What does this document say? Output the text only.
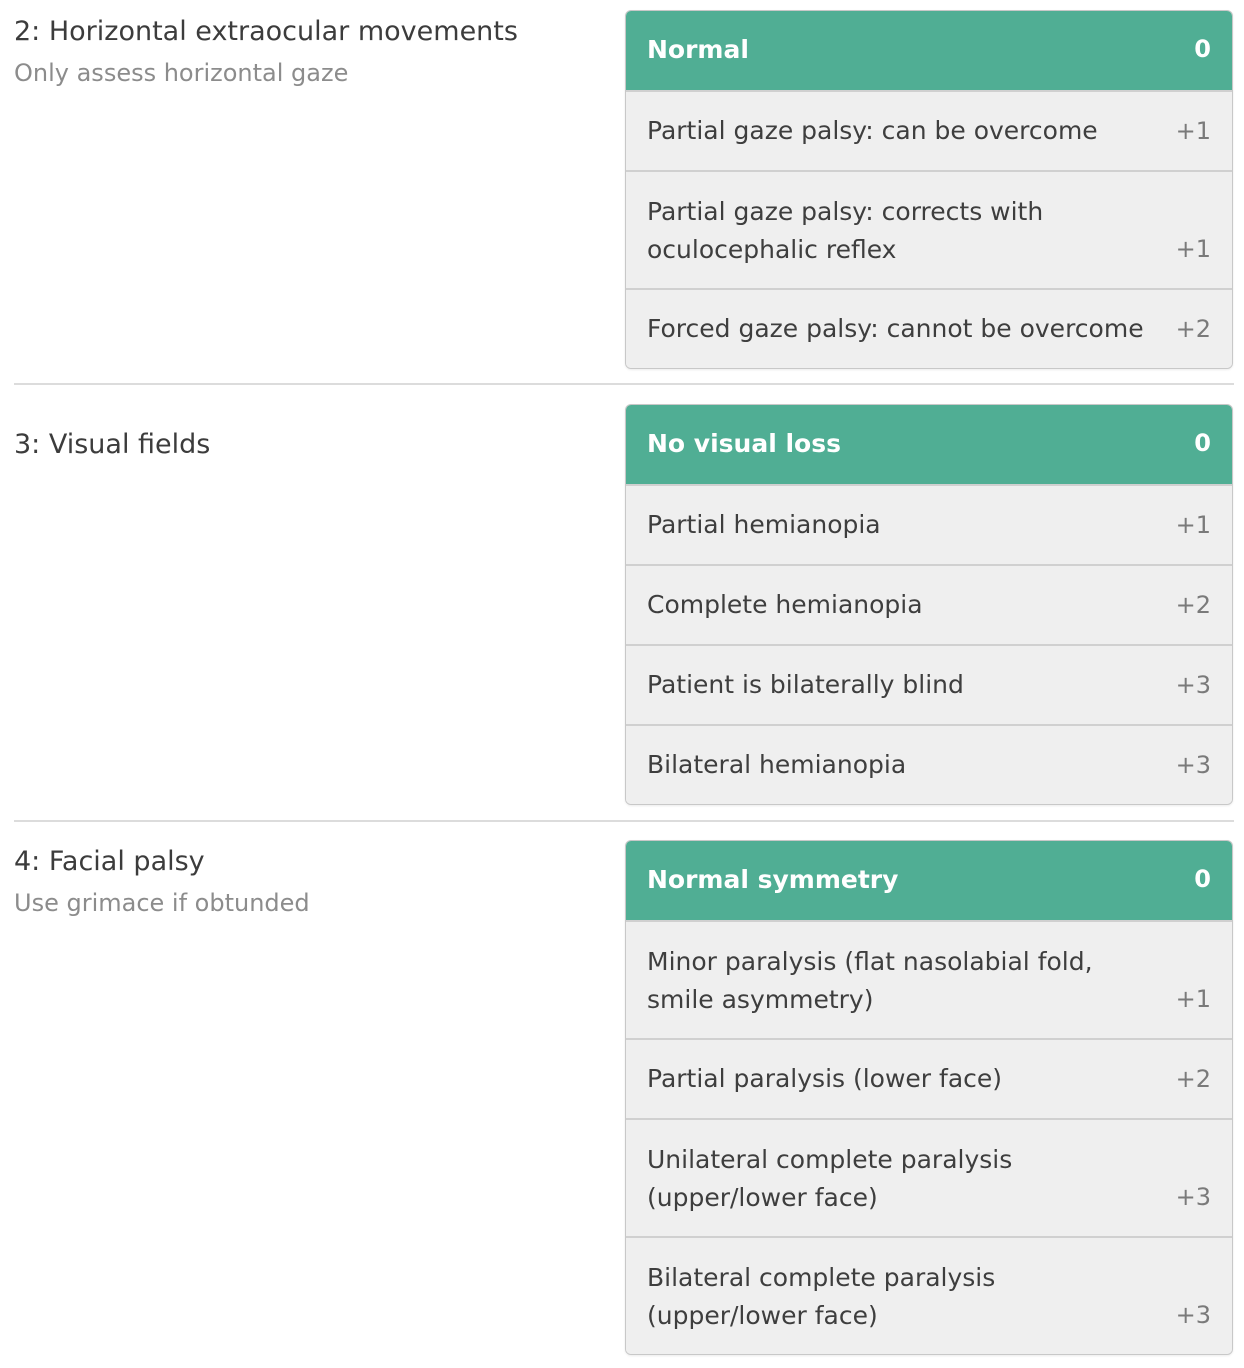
2: Horizontal extraocular movements
Only assess horizontal gaze
Normal	0
Partial gaze palsy: can be overcome	+1
Partial gaze palsy: corrects with oculocephalic reflex	+1
Forced gaze palsy: cannot be overcome	+2
3: Visual fields	No visual loss	0
Partial hemianopia	+1
Complete hemianopia	+2
Patient is bilaterally blind	+3
Bilateral hemianopia	+3
4: Facial palsy
Use grimace if obtunded
Normal symmetry	0
Minor paralysis (flat nasolabial fold, smile asymmetry)	+1
Partial paralysis (lower face)	+2
Unilateral complete paralysis (upper/lower face)	+3
Bilateral complete paralysis (upper/lower face)	+3
